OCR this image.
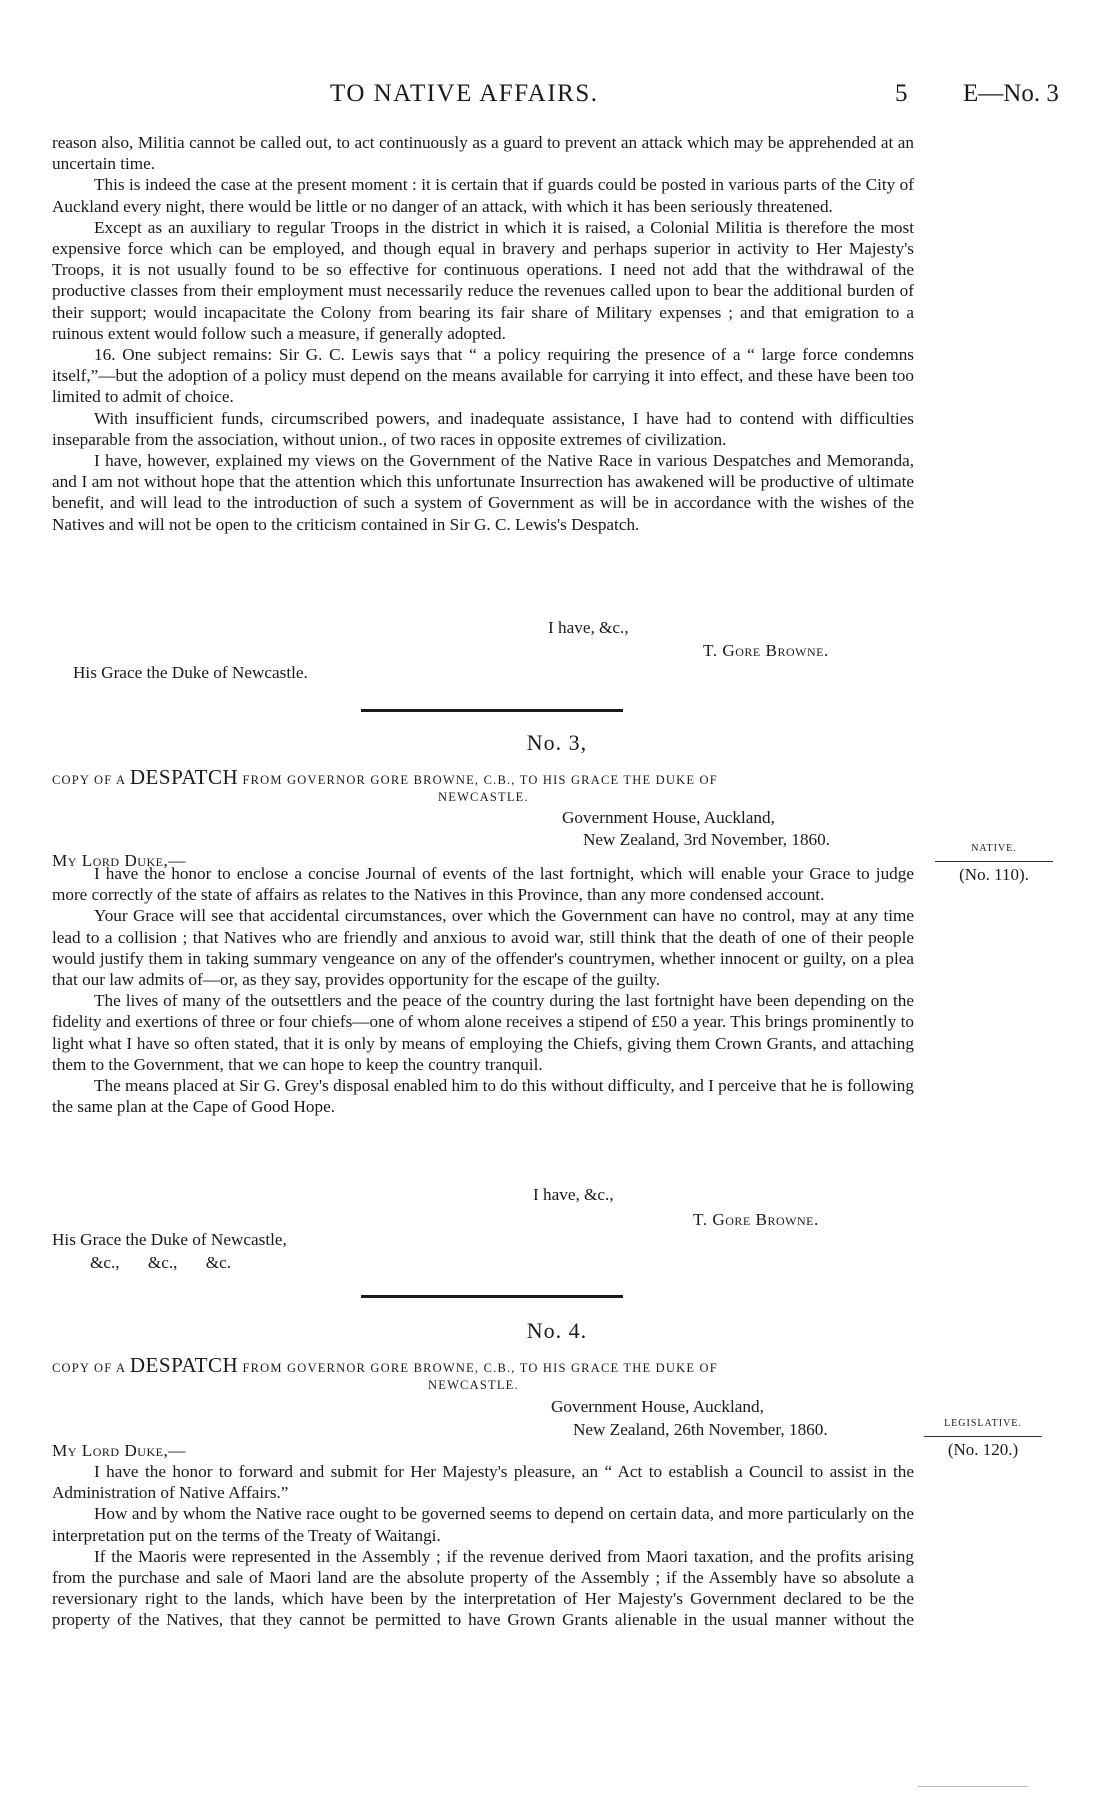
TO NATIVE AFFAIRS.	5 E—No. 3

reason also, Militia cannot be called out, to act continuously as a guard to prevent an attack which may be apprehended at an uncertain time.

This is indeed the case at the present moment : it is certain that if guards could be posted in various parts of the City of Auckland every night, there would be little or no danger of an attack, with which it has been seriously threatened.

Except as an auxiliary to regular Troops in the district in which it is raised, a Colonial Militia is therefore the most expensive force which can be employed, and though equal in bravery and perhaps superior in activity to Her Majesty's Troops, it is not usually found to be so effective for continuous operations. I need not add that the withdrawal of the productive classes from their employment must necessarily reduce the revenues called upon to bear the additional burden of their support; would incapacitate the Colony from bearing its fair share of Military expenses ; and that emigration to a ruinous extent would follow such a measure, if generally adopted.

16. One subject remains: Sir G. C. Lewis says that “ a policy requiring the presence of a “ large force condemns itself,”—but the adoption of a policy must depend on the means available for carrying it into effect, and these have been too limited to admit of choice.

With insufficient funds, circumscribed powers, and inadequate assistance, I have had to contend with difficulties inseparable from the association, without union., of two races in opposite extremes of civilization.

I have, however, explained my views on the Government of the Native Race in various Despatches and Memoranda, and I am not without hope that the attention which this unfortunate Insurrection has awakened will be productive of ultimate benefit, and will lead to the introduction of such a system of Government as will be in accordance with the wishes of the Natives and will not be open to the criticism contained in Sir G. C. Lewis's Despatch.

I have, &c.,
T. Gore Browne.
His Grace the Duke of Newcastle.
No. 3,
COPY OF A DESPATCH FROM GOVERNOR GORE BROWNE, C.B., TO HIS GRACE THE DUKE OF
NEWCASTLE.
Government House, Auckland,
New Zealand, 3rd November, 1860.
My Lord Duke,—
NATIVE.
(No. 110).

I have the honor to enclose a concise Journal of events of the last fortnight, which will enable your Grace to judge more correctly of the state of affairs as relates to the Natives in this Province, than any more condensed account.

Your Grace will see that accidental circumstances, over which the Government can have no control, may at any time lead to a collision ; that Natives who are friendly and anxious to avoid war, still think that the death of one of their people would justify them in taking summary vengeance on any of the offender's countrymen, whether innocent or guilty, on a plea that our law admits of—or, as they say, provides opportunity for the escape of the guilty.

The lives of many of the outsettlers and the peace of the country during the last fortnight have been depending on the fidelity and exertions of three or four chiefs—one of whom alone receives a stipend of £50 a year. This brings prominently to light what I have so often stated, that it is only by means of employing the Chiefs, giving them Crown Grants, and attaching them to the Government, that we can hope to keep the country tranquil.

The means placed at Sir G. Grey's disposal enabled him to do this without difficulty, and I perceive that he is following the same plan at the Cape of Good Hope.

I have, &c.,
T. Gore Browne.
His Grace the Duke of Newcastle,
&c., &c., &c.
No. 4.
COPY OF A DESPATCH FROM GOVERNOR GORE BROWNE, C.B., TO HIS GRACE THE DUKE OF
NEWCASTLE.
Government House, Auckland,
New Zealand, 26th November, 1860.
My Lord Duke,—
LEGISLATIVE.
(No. 120.)

I have the honor to forward and submit for Her Majesty's pleasure, an “ Act to establish a Council to assist in the Administration of Native Affairs.”

How and by whom the Native race ought to be governed seems to depend on certain data, and more particularly on the interpretation put on the terms of the Treaty of Waitangi.

If the Maoris were represented in the Assembly ; if the revenue derived from Maori taxation, and the profits arising from the purchase and sale of Maori land are the absolute property of the Assembly ; if the Assembly have so absolute a reversionary right to the lands, which have been by the interpretation of Her Majesty's Government declared to be the property of the Natives, that they cannot be permitted to have Grown Grants alienable in the usual manner without the
